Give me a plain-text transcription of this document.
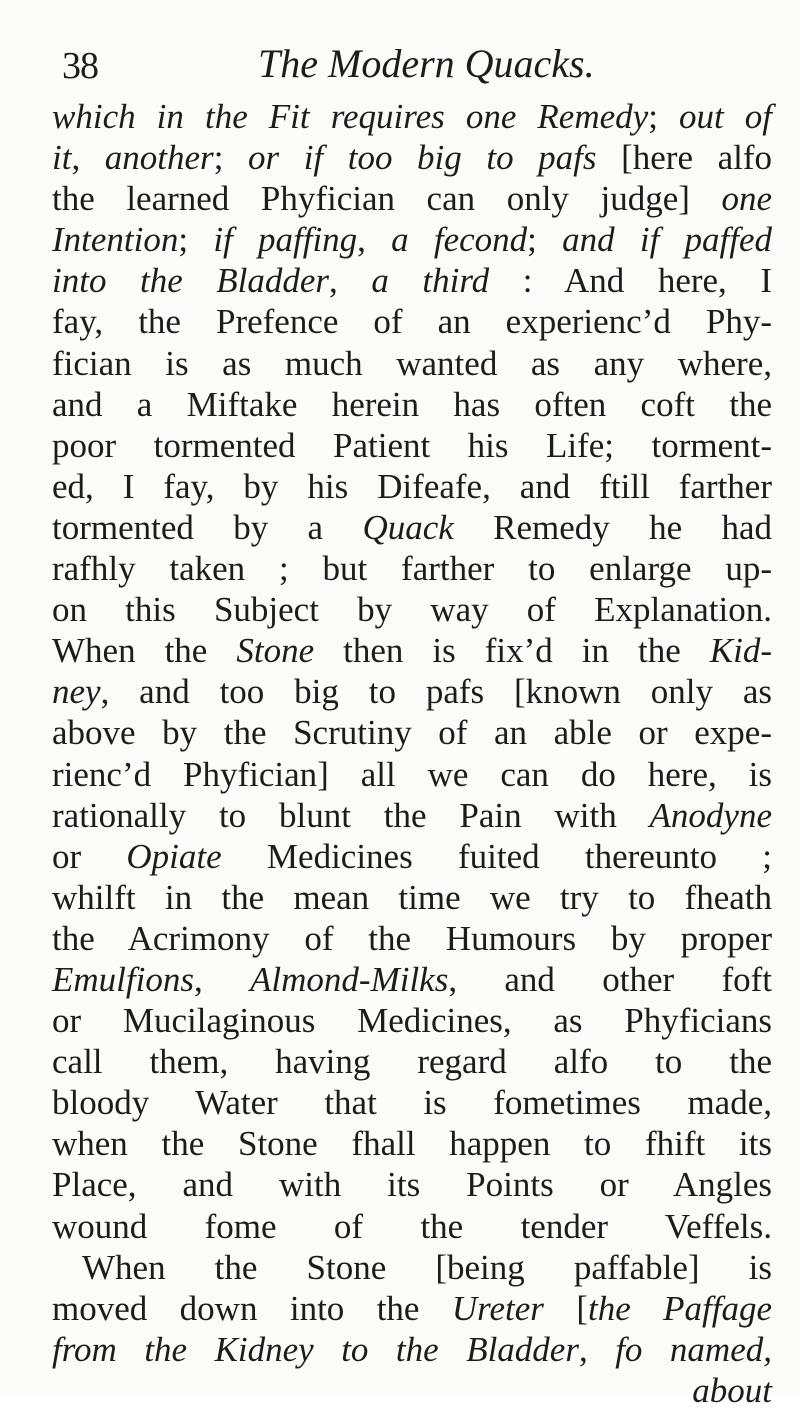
38	The Modern Quacks.
which in the Fit requires one Remedy; out of
it, another; or if too big to pafs [here alfo
the learned Phyfician can only judge] one
Intention; if paffing, a fecond; and if paffed
into the Bladder, a third : And here, I
fay, the Prefence of an experienc’d Phy-
fician is as much wanted as any where,
and a Miftake herein has often coft the
poor tormented Patient his Life; torment-
ed, I fay, by his Difeafe, and ftill farther
tormented by a Quack Remedy he had
rafhly taken ; but farther to enlarge up-
on this Subject by way of Explanation.
When the Stone then is fix’d in the Kid-
ney, and too big to pafs [known only as
above by the Scrutiny of an able or expe-
rienc’d Phyfician] all we can do here, is
rationally to blunt the Pain with Anodyne
or Opiate Medicines fuited thereunto ;
whilft in the mean time we try to fheath
the Acrimony of the Humours by proper
Emulfions, Almond-Milks, and other foft
or Mucilaginous Medicines, as Phyficians
call them, having regard alfo to the
bloody Water that is fometimes made,
when the Stone fhall happen to fhift its
Place, and with its Points or Angles
wound fome of the tender Veffels.
When the Stone [being paffable] is
moved down into the Ureter [the Paffage
from the Kidney to the Bladder, fo named,
about
